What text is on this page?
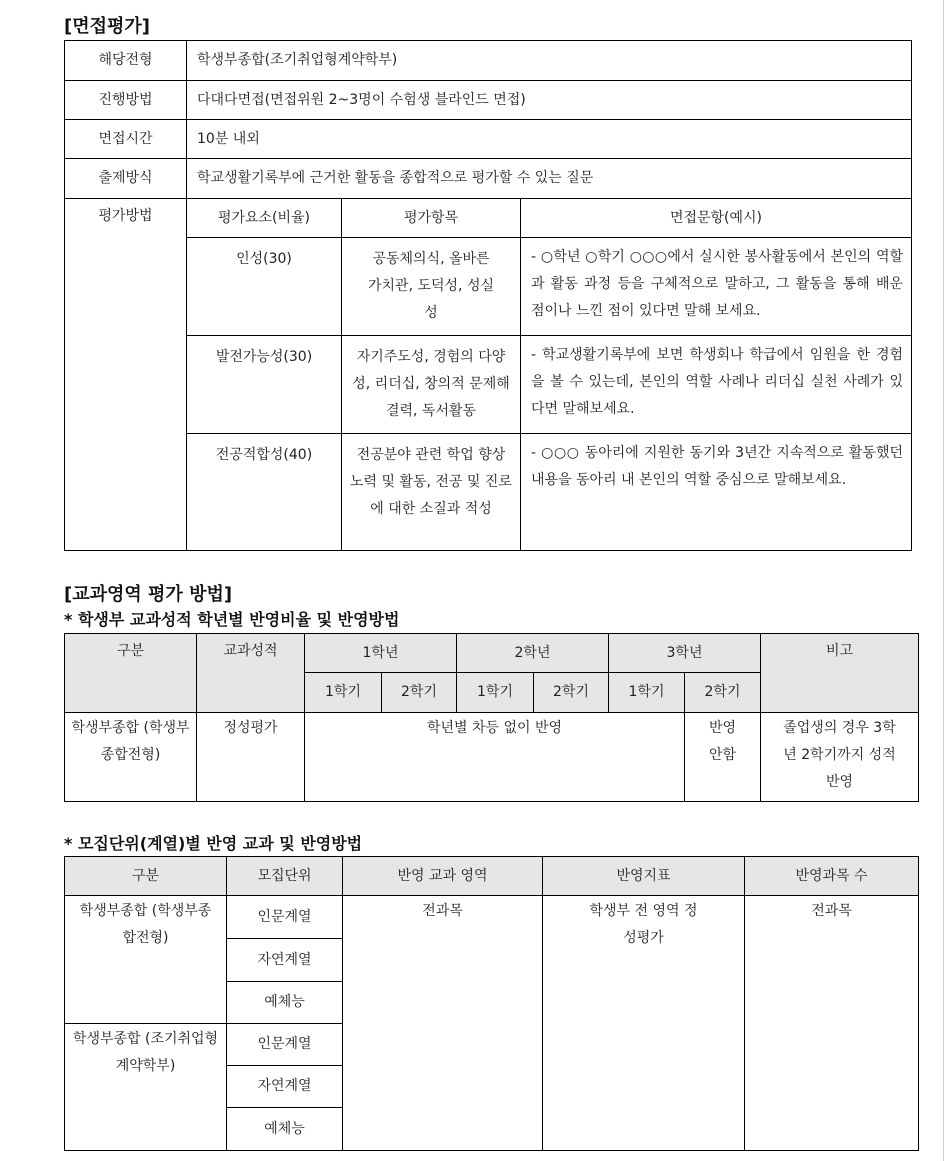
[면접평가]
해당전형	학생부종합(조기취업형계약학부)		
진행방법	다대다면접(면접위원 2~3명이 수험생 블라인드 면접)		
면접시간	10분 내외		
출제방식	학교생활기록부에 근거한 활동을 종합적으로 평가할 수 있는 질문		
평가방법	평가요소(비율)	평가항목	면접문항(예시)
	인성(30)	공동체의식, 올바른 가치관, 도덕성, 성실성	- ○학년 ○학기 ○○○에서 실시한 봉사활동에서 본인의 역할과 활동 과정 등을 구체적으로 말하고, 그 활동을 통해 배운 점이나 느낀 점이 있다면 말해 보세요.
	발전가능성(30)	자기주도성, 경험의 다양성, 리더십, 창의적 문제해결력, 독서활동	- 학교생활기록부에 보면 학생회나 학급에서 임원을 한 경험을 볼 수 있는데, 본인의 역할 사례나 리더십 실천 사례가 있다면 말해보세요.
	전공적합성(40)	전공분야 관련 학업 향상 노력 및 활동, 전공 및 진로에 대한 소질과 적성	- ○○○ 동아리에 지원한 동기와 3년간 지속적으로 활동했던 내용을 동아리 내 본인의 역할 중심으로 말해보세요.
[교과영역 평가 방법]
* 학생부 교과성적 학년별 반영비율 및 반영방법
구분	교과성적	1학년		2학년		3학년		비고
		1학기	2학기	1학기	2학기	1학기	2학기	
학생부종합 (학생부종합전형)	정성평가	학년별 차등 없이 반영					반영 안함	졸업생의 경우 3학년 2학기까지 성적 반영
* 모집단위(계열)별 반영 교과 및 반영방법
구분	모집단위	반영 교과 영역	반영지표	반영과목 수
학생부종합 (학생부종합전형)	인문계열	전과목	학생부 전 영역 정성평가	전과목
	자연계열			
	예체능			
학생부종합 (조기취업형계약학부)	인문계열			
	자연계열			
	예체능			
